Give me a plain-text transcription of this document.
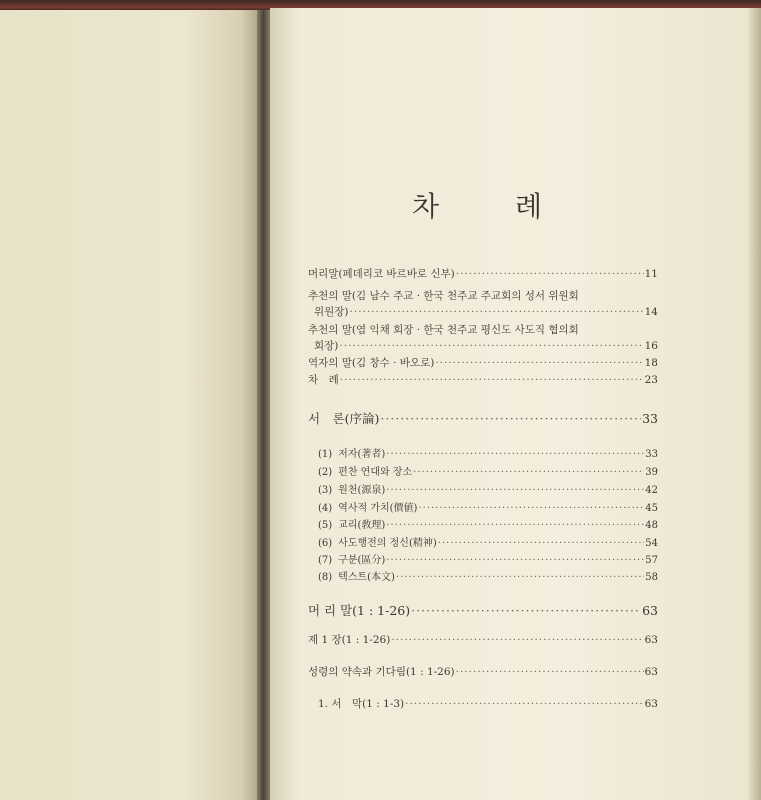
차	례
머리말(페데리코 바르바로 신부) ·····	11
추천의 말(김 남수 주교 · 한국 천주교 주교회의 성서 위원회
위원장) ·····	14
추천의 말(염 익채 회장 · 한국 천주교 평신도 사도직 협의회
회장) ·····	16
역자의 말(김 창수 · 바오로) ·····	18
차　례 ·····	23
서　론(序論) ·····	33
(1) 저자(著者) ·····	33
(2) 편찬 연대와 장소 ·····	39
(3) 원천(源泉) ·····	42
(4) 역사적 가치(價値) ·····	45
(5) 교리(敎理) ·····	48
(6) 사도행전의 정신(精神) ·····	54
(7) 구분(區分) ·····	57
(8) 텍스트(本文) ·····	58
머 리 말(1 : 1-26) ·····	63
제 1 장(1 : 1-26) ·····	63
성령의 약속과 기다림(1 : 1-26) ·····	63
1. 서　막(1 : 1-3) ·····	63
